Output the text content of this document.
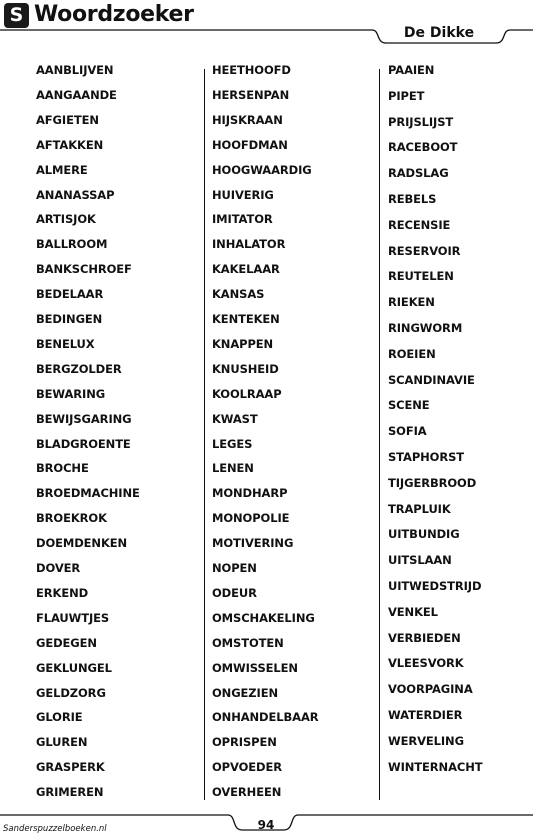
S Woordzoeker
De Dikke
AANBLIJVEN
AANGAANDE
AFGIETEN
AFTAKKEN
ALMERE
ANANASSAP
ARTISJOK
BALLROOM
BANKSCHROEF
BEDELAAR
BEDINGEN
BENELUX
BERGZOLDER
BEWARING
BEWIJSGARING
BLADGROENTE
BROCHE
BROEDMACHINE
BROEKROK
DOEMDENKEN
DOVER
ERKEND
FLAUWTJES
GEDEGEN
GEKLUNGEL
GELDZORG
GLORIE
GLUREN
GRASPERK
GRIMEREN
HEETHOOFD
HERSENPAN
HIJSKRAAN
HOOFDMAN
HOOGWAARDIG
HUIVERIG
IMITATOR
INHALATOR
KAKELAAR
KANSAS
KENTEKEN
KNAPPEN
KNUSHEID
KOOLRAAP
KWAST
LEGES
LENEN
MONDHARP
MONOPOLIE
MOTIVERING
NOPEN
ODEUR
OMSCHAKELING
OMSTOTEN
OMWISSELEN
ONGEZIEN
ONHANDELBAAR
OPRISPEN
OPVOEDER
OVERHEEN
PAAIEN
PIPET
PRIJSLIJST
RACEBOOT
RADSLAG
REBELS
RECENSIE
RESERVOIR
REUTELEN
RIEKEN
RINGWORM
ROEIEN
SCANDINAVIE
SCENE
SOFIA
STAPHORST
TIJGERBROOD
TRAPLUIK
UITBUNDIG
UITSLAAN
UITWEDSTRIJD
VENKEL
VERBIEDEN
VLEESVORK
VOORPAGINA
WATERDIER
WERVELING
WINTERNACHT
Sanderspuzzelboeken.nl	94
